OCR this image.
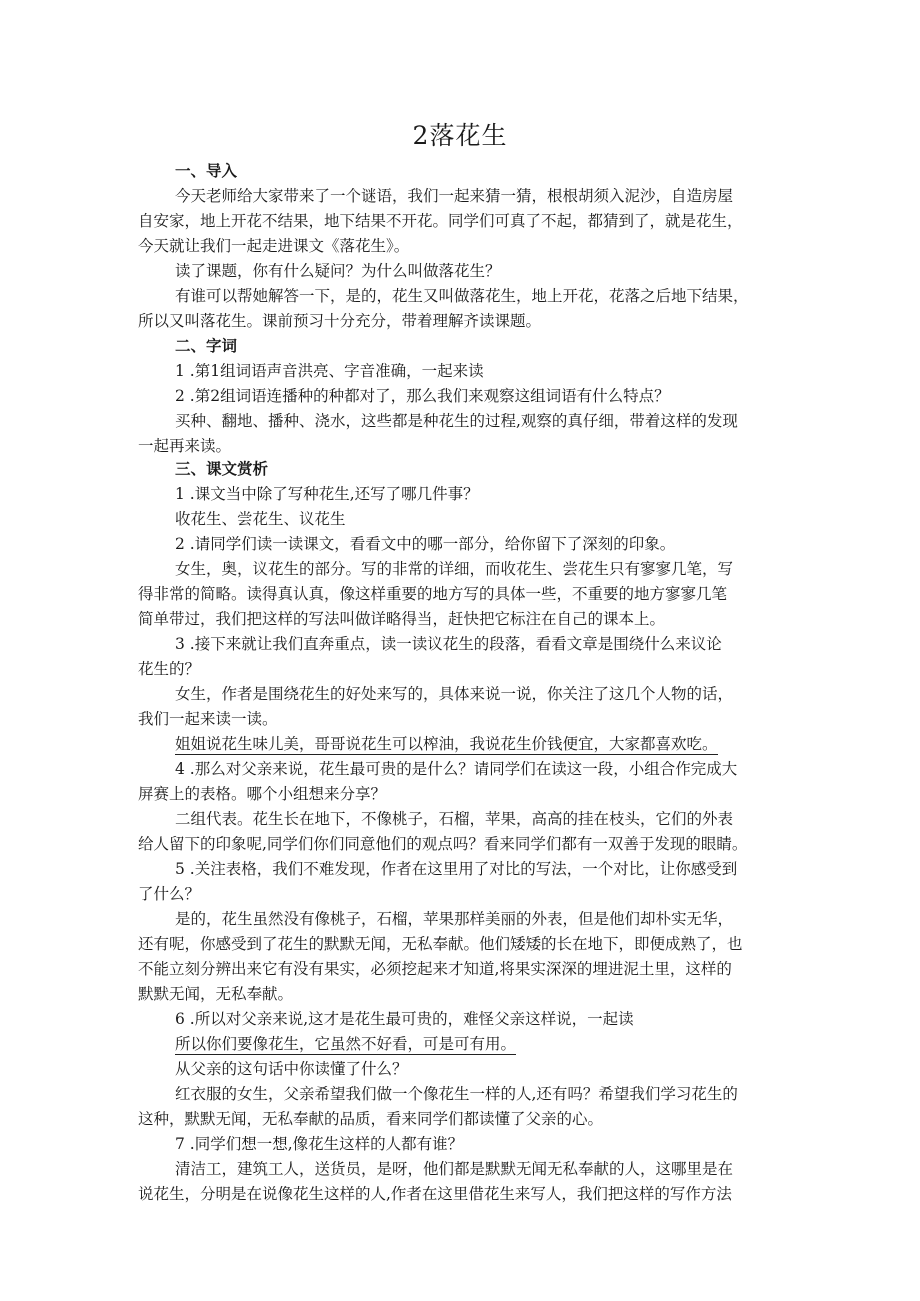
2落花生
一、导入
今天老师给大家带来了一个谜语，我们一起来猜一猜，根根胡须入泥沙，自造房屋
自安家，地上开花不结果，地下结果不开花。同学们可真了不起，都猜到了，就是花生，
今天就让我们一起走进课文《落花生》。
读了课题，你有什么疑问？为什么叫做落花生？
有谁可以帮她解答一下，是的，花生又叫做落花生，地上开花，花落之后地下结果，
所以又叫落花生。课前预习十分充分，带着理解齐读课题。
二、字词
1 .第1组词语声音洪亮、字音准确，一起来读
2 .第2组词语连播种的种都对了，那么我们来观察这组词语有什么特点？
买种、翻地、播种、浇水，这些都是种花生的过程,观察的真仔细，带着这样的发现
一起再来读。
三、课文赏析
1 .课文当中除了写种花生,还写了哪几件事？
收花生、尝花生、议花生
2 .请同学们读一读课文，看看文中的哪一部分，给你留下了深刻的印象。
女生，奥，议花生的部分。写的非常的详细，而收花生、尝花生只有寥寥几笔，写
得非常的简略。读得真认真，像这样重要的地方写的具体一些，不重要的地方寥寥几笔
简单带过，我们把这样的写法叫做详略得当，赶快把它标注在自己的课本上。
3 .接下来就让我们直奔重点，读一读议花生的段落，看看文章是围绕什么来议论
花生的？
女生，作者是围绕花生的好处来写的，具体来说一说，你关注了这几个人物的话，
我们一起来读一读。
姐姐说花生味儿美，哥哥说花生可以榨油，我说花生价钱便宜，大家都喜欢吃。
4 .那么对父亲来说，花生最可贵的是什么？请同学们在读这一段，小组合作完成大
屏赛上的表格。哪个小组想来分享？
二组代表。花生长在地下，不像桃子，石榴，苹果，高高的挂在枝头，它们的外表
给人留下的印象呢,同学们你们同意他们的观点吗？看来同学们都有一双善于发现的眼睛。
5 .关注表格，我们不难发现，作者在这里用了对比的写法，一个对比，让你感受到
了什么？
是的，花生虽然没有像桃子，石榴，苹果那样美丽的外表，但是他们却朴实无华，
还有呢，你感受到了花生的默默无闻，无私奉献。他们矮矮的长在地下，即便成熟了，也
不能立刻分辨出来它有没有果实，必须挖起来才知道,将果实深深的埋进泥土里，这样的
默默无闻，无私奉献。
6 .所以对父亲来说,这才是花生最可贵的，难怪父亲这样说，一起读
所以你们要像花生，它虽然不好看，可是可有用。
从父亲的这句话中你读懂了什么？
红衣服的女生，父亲希望我们做一个像花生一样的人,还有吗？希望我们学习花生的
这种，默默无闻，无私奉献的品质，看来同学们都读懂了父亲的心。
7 .同学们想一想,像花生这样的人都有谁？
清洁工，建筑工人，送货员，是呀，他们都是默默无闻无私奉献的人，这哪里是在
说花生，分明是在说像花生这样的人,作者在这里借花生来写人，我们把这样的写作方法
